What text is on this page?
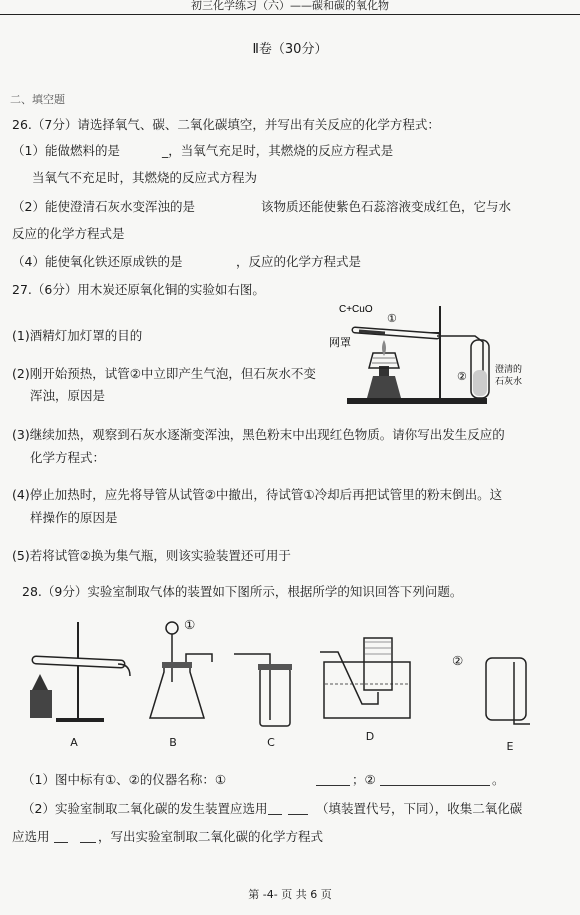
初三化学练习（六）——碳和碳的氧化物
Ⅱ卷（30分）
二、填空题
26.（7分）请选择氧气、碳、二氧化碳填空，并写出有关反应的化学方程式：
（1）能做燃料的是	_，当氧气充足时，其燃烧的反应方程式是
当氧气不充足时，其燃烧的反应式方程为
（2）能使澄清石灰水变浑浊的是	该物质还能使紫色石蕊溶液变成红色，它与水
反应的化学方程式是
（4）能使氧化铁还原成铁的是	，反应的化学方程式是
27.（6分）用木炭还原氧化铜的实验如右图。
(1)酒精灯加灯罩的目的
(2)刚开始预热，试管②中立即产生气泡，但石灰水不变
浑浊，原因是
(3)继续加热，观察到石灰水逐渐变浑浊，黑色粉末中出现红色物质。请你写出发生反应的
化学方程式：
(4)停止加热时，应先将导管从试管②中撤出，待试管①冷却后再把试管里的粉末倒出。这
样操作的原因是
(5)若将试管②换为集气瓶，则该实验装置还可用于
C+CuO
网罩
①
②
澄清的
石灰水
28.（9分）实验室制取气体的装置如下图所示，根据所学的知识回答下列问题。
A	B
①
C	D
②
E
（1）图中标有①、②的仪器名称：①	；②	。
（2）实验室制取二氧化碳的发生装置应选用	（填装置代号，下同），收集二氧化碳
应选用	，写出实验室制取二氧化碳的化学方程式
第 -4- 页 共 6 页
